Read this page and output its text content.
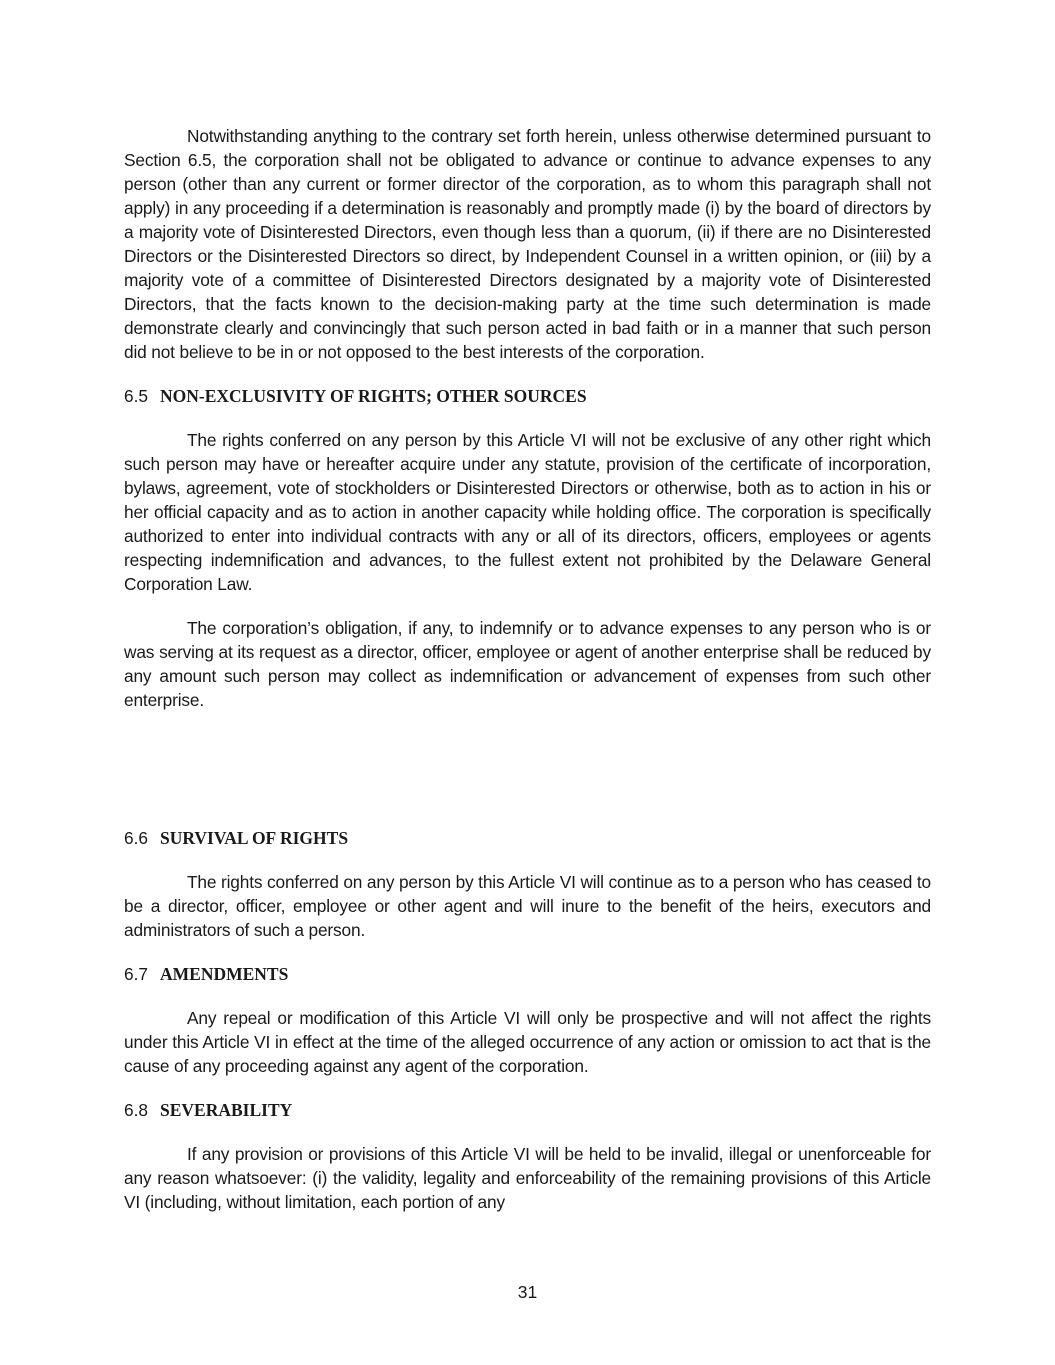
Notwithstanding anything to the contrary set forth herein, unless otherwise determined pursuant to Section 6.5, the corporation shall not be obligated to advance or continue to advance expenses to any person (other than any current or former director of the corporation, as to whom this paragraph shall not apply) in any proceeding if a determination is reasonably and promptly made (i) by the board of directors by a majority vote of Disinterested Directors, even though less than a quorum, (ii) if there are no Disinterested Directors or the Disinterested Directors so direct, by Independent Counsel in a written opinion, or (iii) by a majority vote of a committee of Disinterested Directors designated by a majority vote of Disinterested Directors, that the facts known to the decision-making party at the time such determination is made demonstrate clearly and convincingly that such person acted in bad faith or in a manner that such person did not believe to be in or not opposed to the best interests of the corporation.

6.5 NON-EXCLUSIVITY OF RIGHTS; OTHER SOURCES

The rights conferred on any person by this Article VI will not be exclusive of any other right which such person may have or hereafter acquire under any statute, provision of the certificate of incorporation, bylaws, agreement, vote of stockholders or Disinterested Directors or otherwise, both as to action in his or her official capacity and as to action in another capacity while holding office. The corporation is specifically authorized to enter into individual contracts with any or all of its directors, officers, employees or agents respecting indemnification and advances, to the fullest extent not prohibited by the Delaware General Corporation Law.

The corporation’s obligation, if any, to indemnify or to advance expenses to any person who is or was serving at its request as a director, officer, employee or agent of another enterprise shall be reduced by any amount such person may collect as indemnification or advancement of expenses from such other enterprise.

6.6 SURVIVAL OF RIGHTS

The rights conferred on any person by this Article VI will continue as to a person who has ceased to be a director, officer, employee or other agent and will inure to the benefit of the heirs, executors and administrators of such a person.

6.7 AMENDMENTS

Any repeal or modification of this Article VI will only be prospective and will not affect the rights under this Article VI in effect at the time of the alleged occurrence of any action or omission to act that is the cause of any proceeding against any agent of the corporation.

6.8 SEVERABILITY

If any provision or provisions of this Article VI will be held to be invalid, illegal or unenforceable for any reason whatsoever: (i) the validity, legality and enforceability of the remaining provisions of this Article VI (including, without limitation, each portion of any

31
